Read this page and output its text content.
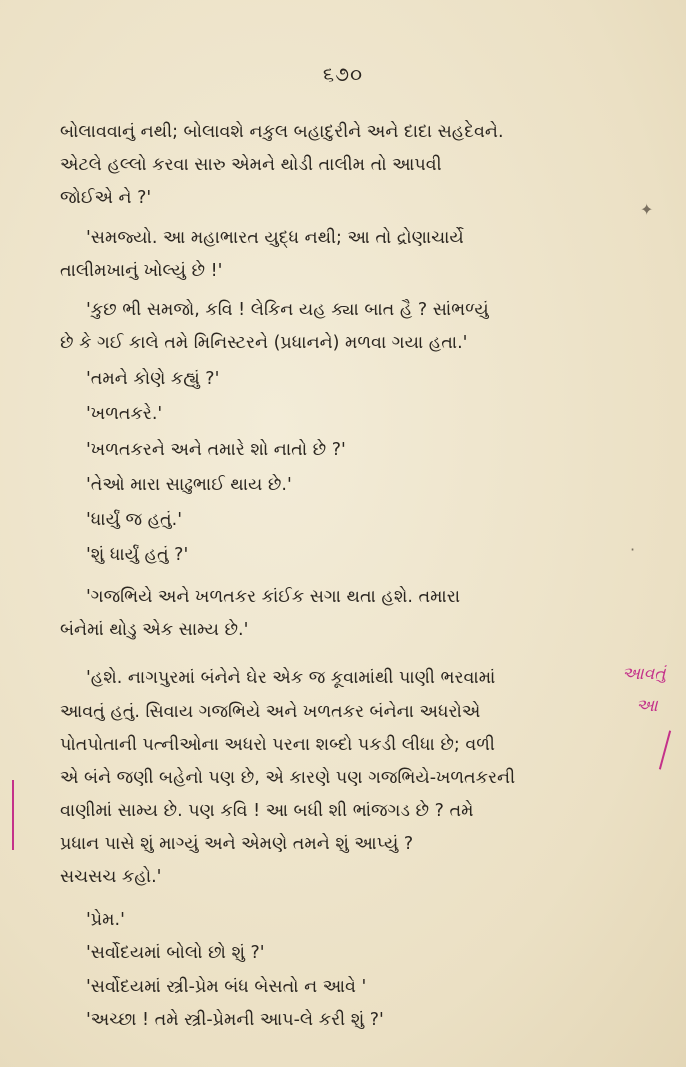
૬૭૦
બોલાવવાનું નથી; બોલાવશે નકુલ બહાદુરીને અને દાદા સહદેવને.
એટલે હલ્લો કરવા સારુ એમને થોડી તાલીમ તો આપવી
જોઈએ ને ?'
'સમજ્યો. આ મહાભારત યુદ્ધ નથી; આ તો દ્રોણાચાર્યે
તાલીમખાનું ખોલ્યું છે !'
'કુછ ભી સમજો, કવિ ! લેકિન યહ ક્યા બાત હૈ ? સાંભળ્યું
છે કે ગઈ કાલે તમે મિનિસ્ટરને (પ્રધાનને) મળવા ગયા હતા.'
'તમને કોણે કહ્યું ?'
'ખળતકરે.'
'ખળતકરને અને તમારે શો નાતો છે ?'
'તેઓ મારા સાઢુભાઈ થાય છે.'
'ધાર્યું જ હતું.'
'શું ધાર્યું હતું ?'
'ગજભિયે અને ખળતકર કાંઈક સગા થતા હશે. તમારા
બંનેમાં થોડુ એક સામ્ય છે.'
'હશે. નાગપુરમાં બંનેને ઘેર એક જ કૂવામાંથી પાણી ભરવામાં
આવતું હતું. સિવાય ગજભિયે અને ખળતકર બંનેના અધરોએ
પોતપોતાની પત્નીઓના અધરો પરના શબ્દો પકડી લીધા છે; વળી
એ બંને જણી બહેનો પણ છે, એ કારણે પણ ગજભિયે-ખળતકરની
વાણીમાં સામ્ય છે. પણ કવિ ! આ બધી શી ભાંજગડ છે ? તમે
પ્રધાન પાસે શું માગ્યું અને એમણે તમને શું આપ્યું ?
સચસચ કહો.'
'પ્રેમ.'
'સર્વોદયમાં બોલો છો શું ?'
'સર્વોદયમાં સ્ત્રી-પ્રેમ બંધ બેસતો ન આવે '
'અચ્છા ! તમે સ્ત્રી-પ્રેમની આપ-લે કરી શું ?'
આવતું
આ
✦
·
